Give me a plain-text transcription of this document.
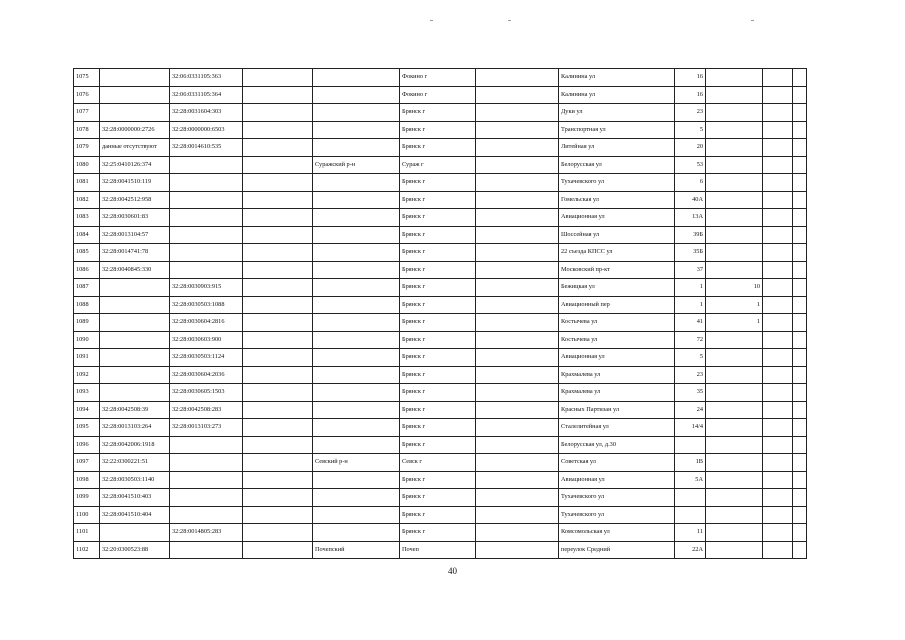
1075		32:06:0331105:363			Фокино г		Калинина ул	16			
1076		32:06:0331105:364			Фокино г		Калинина ул	16			
1077		32:28:0031604:303			Брянск г		Дуки ул	23			
1078	32:28:0000000:2726	32:28:0000000:6503			Брянск г		Транспортная ул	5			
1079	данные отсутствуют	32:28:0014610:535			Брянск г		Литейная ул	20			
1080	32:25:0410126:374			Суражский р-н	Сураж г		Белорусская ул	53			
1081	32:28:0041510:119				Брянск г		Тухачевского ул	6			
1082	32:28:0042512:958				Брянск г		Гомельская ул	40А			
1083	32:28:0030601:83				Брянск г		Авиационная ул	13А			
1084	32:28:0013104:57				Брянск г		Шоссейная ул	39Б			
1085	32:28:0014741:78				Брянск г		22 съезда КПСС ул	35Б			
1086	32:28:0040845:330				Брянск г		Московский пр-кт	37			
1087		32:28:0030903:915			Брянск г		Бежицкая ул	1	10		
1088		32:28:0030503:1088			Брянск г		Авиационный пер	1	1		
1089		32:28:0030604:2816			Брянск г		Костычева ул	41	1		
1090		32:28:0030603:900			Брянск г		Костычева ул	72			
1091		32:28:0030503:1124			Брянск г		Авиационная ул	5			
1092		32:28:0030604:2036			Брянск г		Крахмалева ул	23			
1093		32:28:0030605:1503			Брянск г		Крахмалева ул	35			
1094	32:28:0042508:39	32:28:0042508:283			Брянск г		Красных Партизан ул	24			
1095	32:28:0013103:264	32:28:0013103:273			Брянск г		Сталелитейная ул	14/4			
1096	32:28:0042006:1918				Брянск г		Белорусская ул, д.30				
1097	32:22:0300221:51			Севский р-н	Севск г		Советская ул	1В			
1098	32:28:0030503:1140				Брянск г		Авиационная ул	5А			
1099	32:28:0041510:403				Брянск г		Тухачевского ул				
1100	32:28:0041510:404				Брянск г		Тухачевского ул				
1101		32:28:0014805:283			Брянск г		Комсомольская ул	11			
1102	32:20:0300523:88			Почепский	Почеп		переулок Средний	22А			
40
